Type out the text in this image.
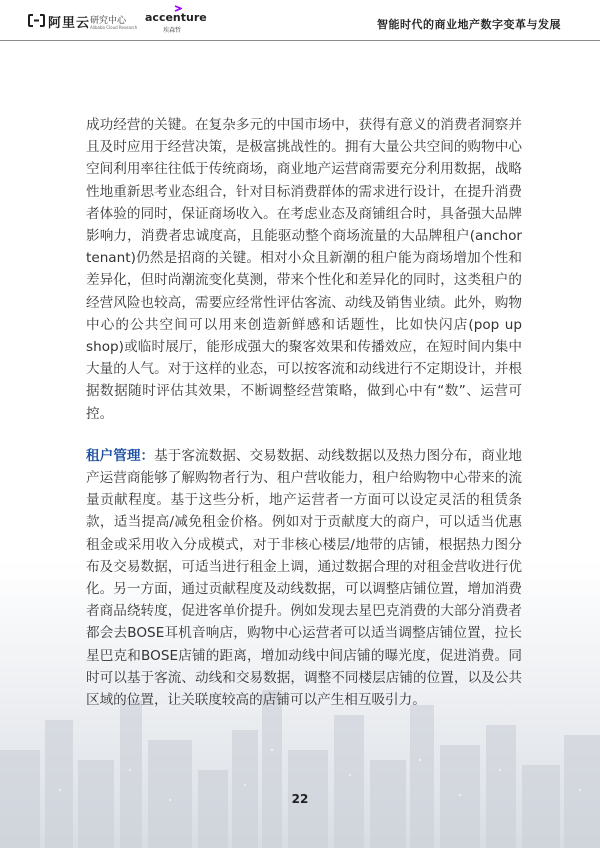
阿里云 研究中心
Alibaba Cloud Research
accenture
埃森哲	智能时代的商业地产数字变革与发展

成功经营的关键。在复杂多元的中国市场中，获得有意义的消费者洞察并且及时应用于经营决策，是极富挑战性的。拥有大量公共空间的购物中心空间利用率往往低于传统商场，商业地产运营商需要充分利用数据，战略性地重新思考业态组合，针对目标消费群体的需求进行设计，在提升消费者体验的同时，保证商场收入。在考虑业态及商铺组合时，具备强大品牌影响力，消费者忠诚度高，且能驱动整个商场流量的大品牌租户(anchor tenant)仍然是招商的关键。相对小众且新潮的租户能为商场增加个性和差异化，但时尚潮流变化莫测，带来个性化和差异化的同时，这类租户的经营风险也较高，需要应经常性评估客流、动线及销售业绩。此外，购物中心的公共空间可以用来创造新鲜感和话题性，比如快闪店(pop up shop)或临时展厅，能形成强大的聚客效果和传播效应，在短时间内集中大量的人气。对于这样的业态，可以按客流和动线进行不定期设计，并根据数据随时评估其效果，不断调整经营策略，做到心中有“数”、运营可控。

租户管理：基于客流数据、交易数据、动线数据以及热力图分布，商业地产运营商能够了解购物者行为、租户营收能力，租户给购物中心带来的流量贡献程度。基于这些分析，地产运营者一方面可以设定灵活的租赁条款，适当提高/减免租金价格。例如对于贡献度大的商户，可以适当优惠租金或采用收入分成模式，对于非核心楼层/地带的店铺，根据热力图分布及交易数据，可适当进行租金上调，通过数据合理的对租金营收进行优化。另一方面，通过贡献程度及动线数据，可以调整店铺位置，增加消费者商品绕转度，促进客单价提升。例如发现去星巴克消费的大部分消费者都会去BOSE耳机音响店，购物中心运营者可以适当调整店铺位置，拉长星巴克和BOSE店铺的距离，增加动线中间店铺的曝光度，促进消费。同时可以基于客流、动线和交易数据，调整不同楼层店铺的位置，以及公共区域的位置，让关联度较高的店铺可以产生相互吸引力。

22
